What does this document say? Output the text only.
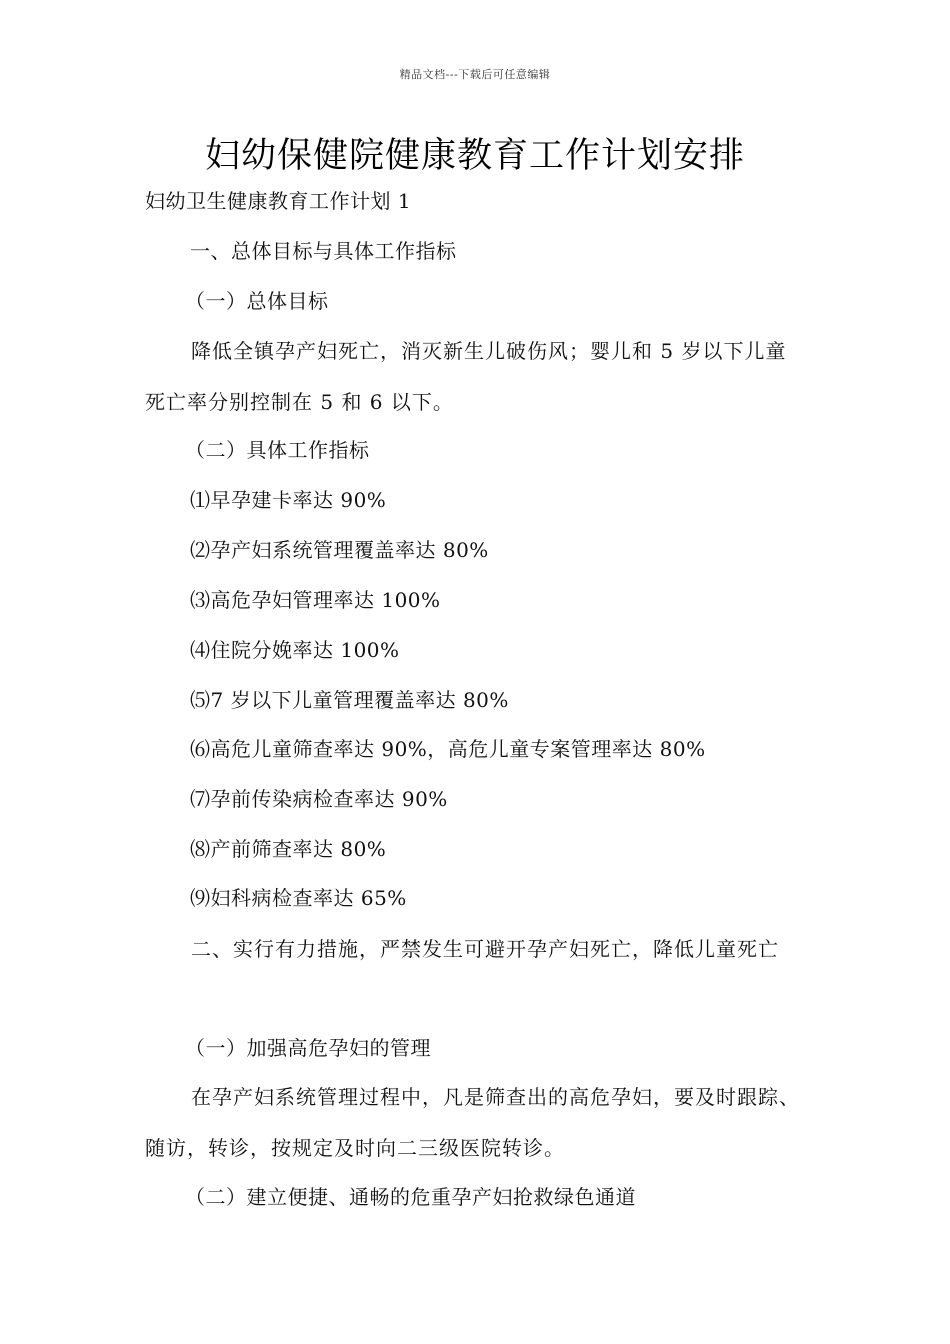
精品文档---下载后可任意编辑
妇幼保健院健康教育工作计划安排
妇幼卫生健康教育工作计划 1
一、总体目标与具体工作指标
（一）总体目标
降低全镇孕产妇死亡，消灭新生儿破伤风；婴儿和 5 岁以下儿童死亡率分别控制在 5 和 6 以下。
（二）具体工作指标
⑴早孕建卡率达 90%
⑵孕产妇系统管理覆盖率达 80%
⑶高危孕妇管理率达 100%
⑷住院分娩率达 100%
⑸7 岁以下儿童管理覆盖率达 80%
⑹高危儿童筛查率达 90%，高危儿童专案管理率达 80%
⑺孕前传染病检查率达 90%
⑻产前筛查率达 80%
⑼妇科病检查率达 65%
二、实行有力措施，严禁发生可避开孕产妇死亡，降低儿童死亡
（一）加强高危孕妇的管理
在孕产妇系统管理过程中，凡是筛查出的高危孕妇，要及时跟踪、随访，转诊，按规定及时向二三级医院转诊。
（二）建立便捷、通畅的危重孕产妇抢救绿色通道
